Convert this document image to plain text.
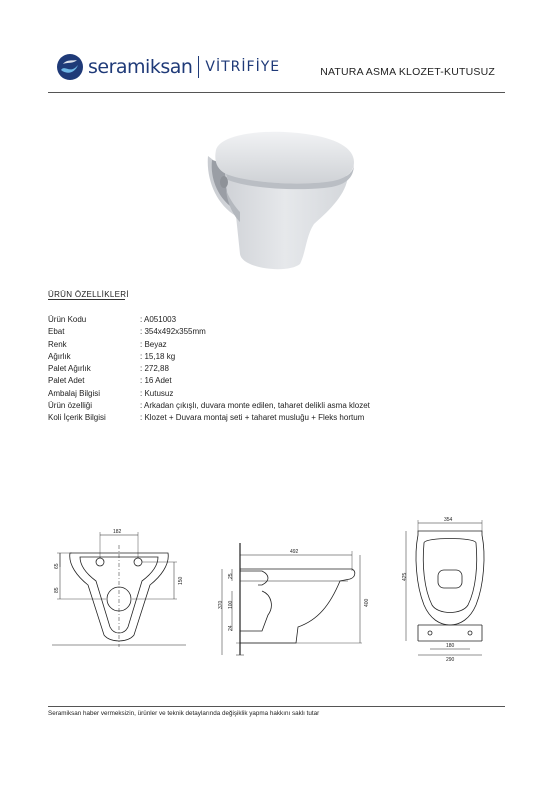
seramiksan VİTRİFİYE	NATURA ASMA KLOZET-KUTUSUZ
ÜRÜN ÖZELLİKLERİ
Ürün Kodu	: A051003
Ebat	: 354x492x355mm
Renk	: Beyaz
Ağırlık	: 15,18 kg
Palet Ağırlık	: 272,88
Palet Adet	: 16 Adet
Ambalaj Bilgisi	: Kutusuz
Ürün özelliği	: Arkadan çıkışlı, duvara monte edilen, taharet delikli asma klozet
Koli İçerik Bilgisi	: Klozet + Duvara montaj seti + taharet musluğu + Fleks hortum
182
65
85
150
492
25
100
370
24
400
354
425
180
290
Seramiksan haber vermeksizin, ürünler ve teknik detaylarında değişiklik yapma hakkını saklı tutar
